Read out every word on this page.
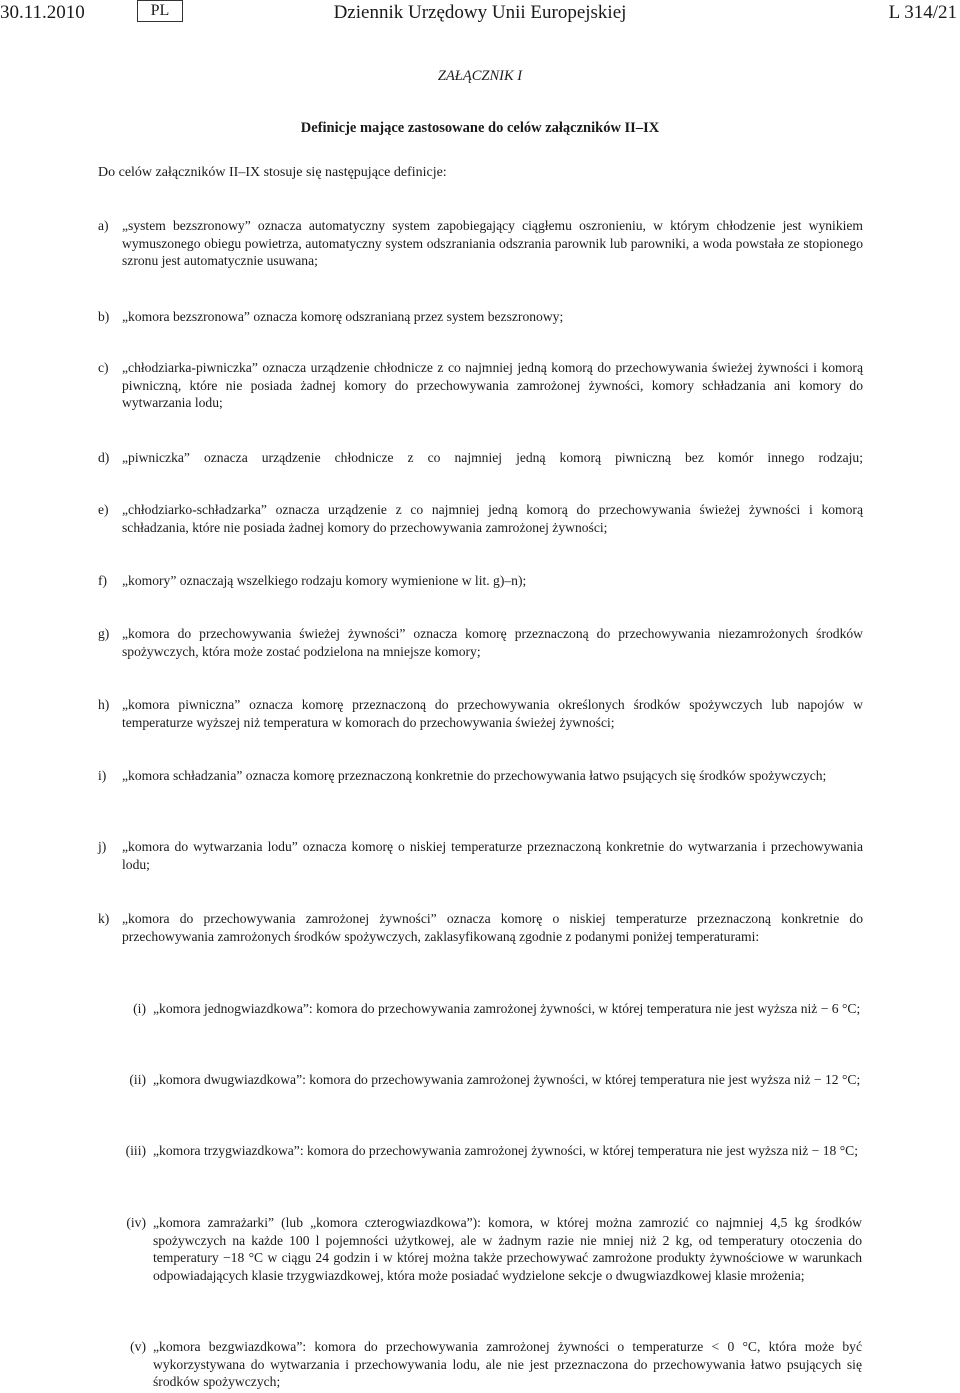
30.11.2010	PL	Dziennik Urzędowy Unii Europejskiej	L 314/21
ZAŁĄCZNIK I
Definicje mające zastosowane do celów załączników II–IX
Do celów załączników II–IX stosuje się następujące definicje:
a) „system bezszronowy” oznacza automatyczny system zapobiegający ciągłemu oszronieniu, w którym chłodzenie jest wynikiem wymuszonego obiegu powietrza, automatyczny system odszraniania odszrania parownik lub parowniki, a woda powstała ze stopionego szronu jest automatycznie usuwana;
b) „komora bezszronowa” oznacza komorę odszranianą przez system bezszronowy;
c) „chłodziarka-piwniczka” oznacza urządzenie chłodnicze z co najmniej jedną komorą do przechowywania świeżej żywności i komorą piwniczną, które nie posiada żadnej komory do przechowywania zamrożonej żywności, komory schładzania ani komory do wytwarzania lodu;
d) „piwniczka” oznacza urządzenie chłodnicze z co najmniej jedną komorą piwniczną bez komór innego rodzaju;
e) „chłodziarko-schładzarka” oznacza urządzenie z co najmniej jedną komorą do przechowywania świeżej żywności i komorą schładzania, które nie posiada żadnej komory do przechowywania zamrożonej żywności;
f) „komory” oznaczają wszelkiego rodzaju komory wymienione w lit. g)–n);
g) „komora do przechowywania świeżej żywności” oznacza komorę przeznaczoną do przechowywania niezamrożonych środków spożywczych, która może zostać podzielona na mniejsze komory;
h) „komora piwniczna” oznacza komorę przeznaczoną do przechowywania określonych środków spożywczych lub napojów w temperaturze wyższej niż temperatura w komorach do przechowywania świeżej żywności;
i) „komora schładzania” oznacza komorę przeznaczoną konkretnie do przechowywania łatwo psujących się środków spożywczych;
j) „komora do wytwarzania lodu” oznacza komorę o niskiej temperaturze przeznaczoną konkretnie do wytwarzania i przechowywania lodu;
k) „komora do przechowywania zamrożonej żywności” oznacza komorę o niskiej temperaturze przeznaczoną konkretnie do przechowywania zamrożonych środków spożywczych, zaklasyfikowaną zgodnie z podanymi poniżej temperaturami:
(i) „komora jednogwiazdkowa”: komora do przechowywania zamrożonej żywności, w której temperatura nie jest wyższa niż − 6 °C;
(ii) „komora dwugwiazdkowa”: komora do przechowywania zamrożonej żywności, w której temperatura nie jest wyższa niż − 12 °C;
(iii) „komora trzygwiazdkowa”: komora do przechowywania zamrożonej żywności, w której temperatura nie jest wyższa niż − 18 °C;
(iv) „komora zamrażarki” (lub „komora czterogwiazdkowa”): komora, w której można zamrozić co najmniej 4,5 kg środków spożywczych na każde 100 l pojemności użytkowej, ale w żadnym razie nie mniej niż 2 kg, od temperatury otoczenia do temperatury −18 °C w ciągu 24 godzin i w której można także przechowywać zamrożone produkty żywnościowe w warunkach odpowiadających klasie trzygwiazdkowej, która może posiadać wydzielone sekcje o dwugwiazdkowej klasie mrożenia;
(v) „komora bezgwiazdkowa”: komora do przechowywania zamrożonej żywności o temperaturze < 0 °C, która może być wykorzystywana do wytwarzania i przechowywania lodu, ale nie jest przeznaczona do przechowywania łatwo psujących się środków spożywczych;
